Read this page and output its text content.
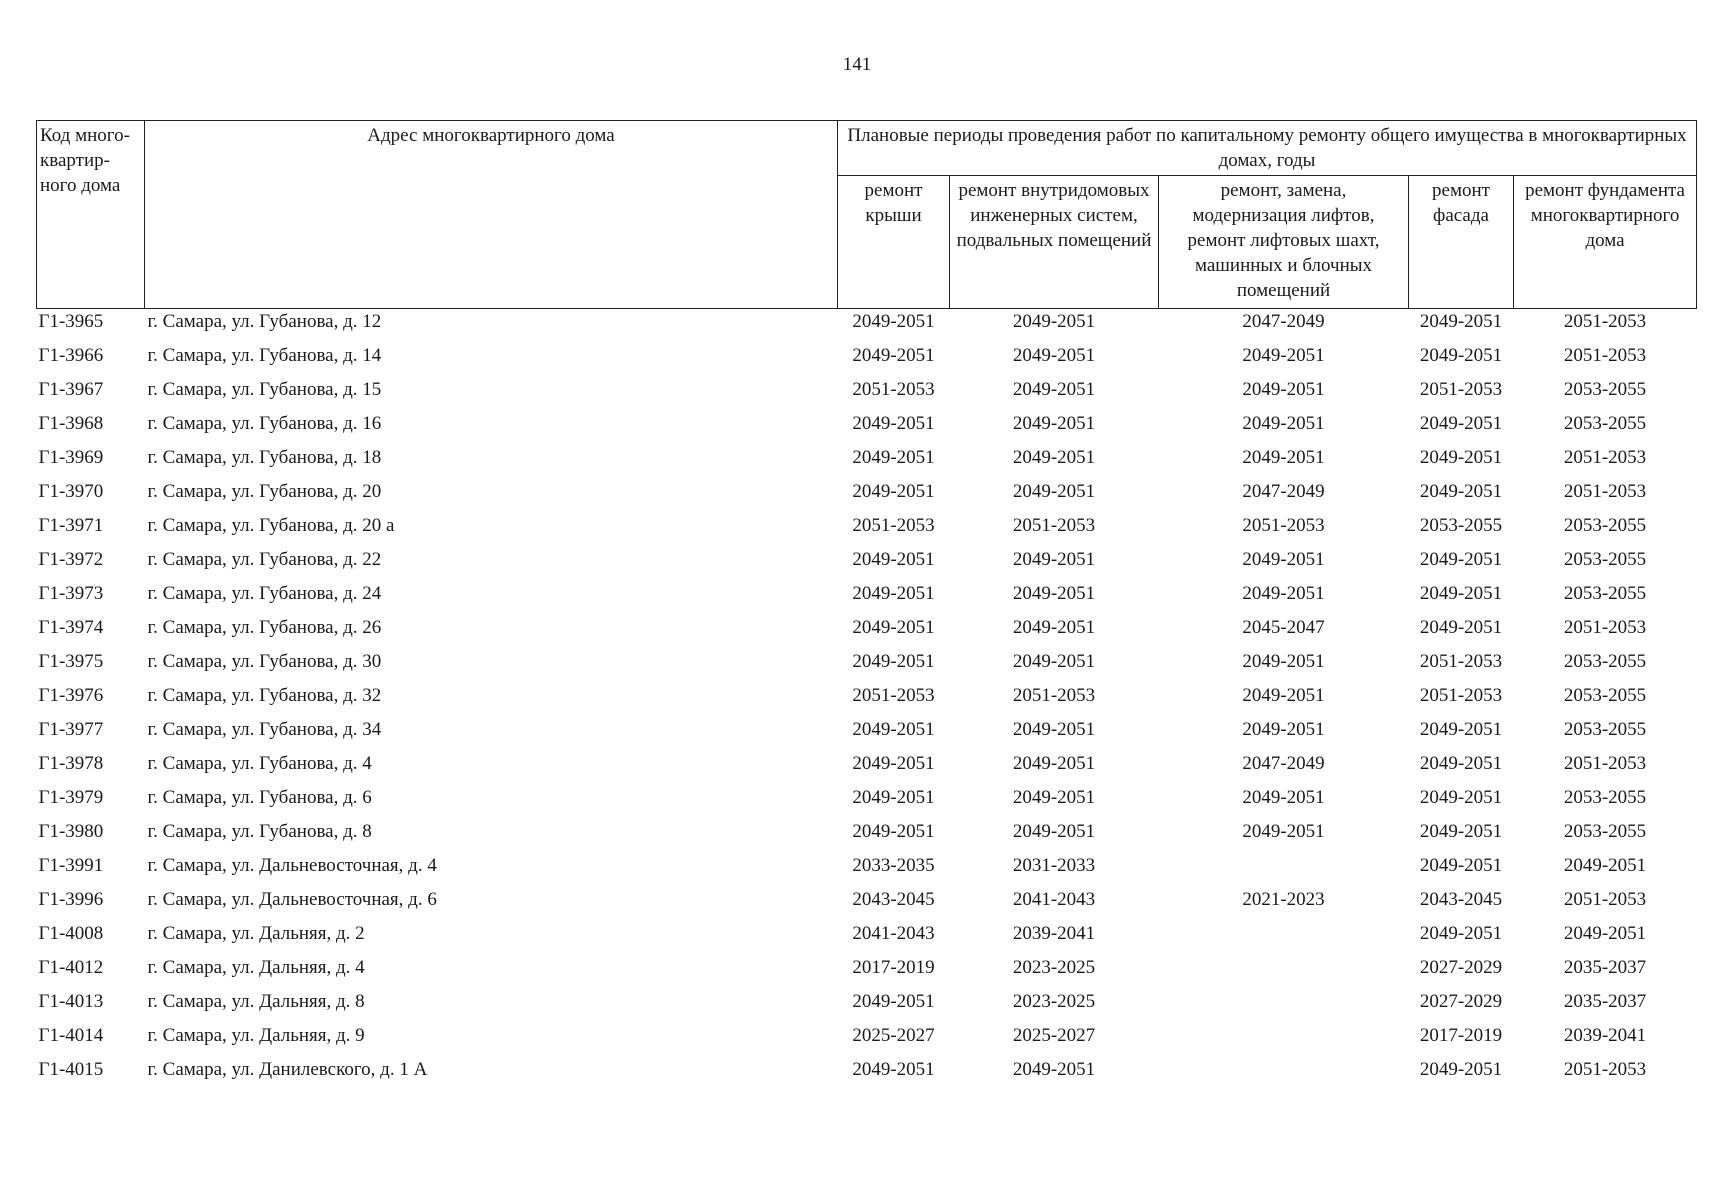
141
Код много-квартир-ного дома	Адрес многоквартирного дома	Плановые периоды проведения работ по капитальному ремонту общего имущества в многоквартирных домах, годы				
		ремонт крыши	ремонт внутридомовых инженерных систем, подвальных помещений	ремонт, замена, модернизация лифтов, ремонт лифтовых шахт, машинных и блочных помещений	ремонт фасада	ремонт фундамента многоквартирного дома
Г1-3965	г. Самара, ул. Губанова, д. 12	2049-2051	2049-2051	2047-2049	2049-2051	2051-2053
Г1-3966	г. Самара, ул. Губанова, д. 14	2049-2051	2049-2051	2049-2051	2049-2051	2051-2053
Г1-3967	г. Самара, ул. Губанова, д. 15	2051-2053	2049-2051	2049-2051	2051-2053	2053-2055
Г1-3968	г. Самара, ул. Губанова, д. 16	2049-2051	2049-2051	2049-2051	2049-2051	2053-2055
Г1-3969	г. Самара, ул. Губанова, д. 18	2049-2051	2049-2051	2049-2051	2049-2051	2051-2053
Г1-3970	г. Самара, ул. Губанова, д. 20	2049-2051	2049-2051	2047-2049	2049-2051	2051-2053
Г1-3971	г. Самара, ул. Губанова, д. 20 а	2051-2053	2051-2053	2051-2053	2053-2055	2053-2055
Г1-3972	г. Самара, ул. Губанова, д. 22	2049-2051	2049-2051	2049-2051	2049-2051	2053-2055
Г1-3973	г. Самара, ул. Губанова, д. 24	2049-2051	2049-2051	2049-2051	2049-2051	2053-2055
Г1-3974	г. Самара, ул. Губанова, д. 26	2049-2051	2049-2051	2045-2047	2049-2051	2051-2053
Г1-3975	г. Самара, ул. Губанова, д. 30	2049-2051	2049-2051	2049-2051	2051-2053	2053-2055
Г1-3976	г. Самара, ул. Губанова, д. 32	2051-2053	2051-2053	2049-2051	2051-2053	2053-2055
Г1-3977	г. Самара, ул. Губанова, д. 34	2049-2051	2049-2051	2049-2051	2049-2051	2053-2055
Г1-3978	г. Самара, ул. Губанова, д. 4	2049-2051	2049-2051	2047-2049	2049-2051	2051-2053
Г1-3979	г. Самара, ул. Губанова, д. 6	2049-2051	2049-2051	2049-2051	2049-2051	2053-2055
Г1-3980	г. Самара, ул. Губанова, д. 8	2049-2051	2049-2051	2049-2051	2049-2051	2053-2055
Г1-3991	г. Самара, ул. Дальневосточная, д. 4	2033-2035	2031-2033		2049-2051	2049-2051
Г1-3996	г. Самара, ул. Дальневосточная, д. 6	2043-2045	2041-2043	2021-2023	2043-2045	2051-2053
Г1-4008	г. Самара, ул. Дальняя, д. 2	2041-2043	2039-2041		2049-2051	2049-2051
Г1-4012	г. Самара, ул. Дальняя, д. 4	2017-2019	2023-2025		2027-2029	2035-2037
Г1-4013	г. Самара, ул. Дальняя, д. 8	2049-2051	2023-2025		2027-2029	2035-2037
Г1-4014	г. Самара, ул. Дальняя, д. 9	2025-2027	2025-2027		2017-2019	2039-2041
Г1-4015	г. Самара, ул. Данилевского, д. 1 А	2049-2051	2049-2051		2049-2051	2051-2053
